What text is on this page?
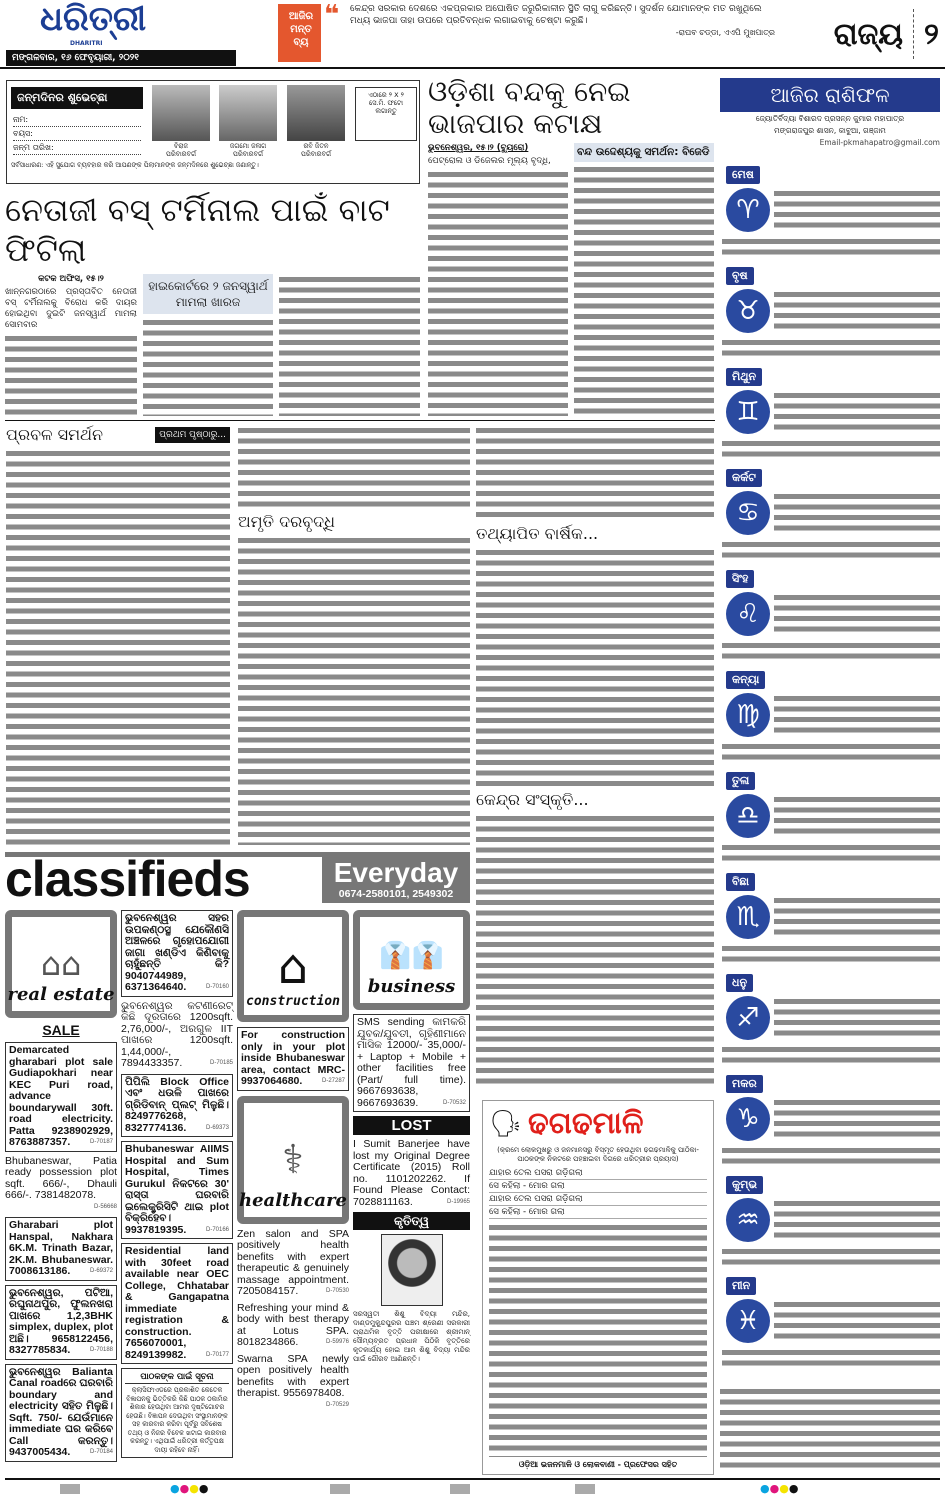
ଧରିତ୍ରୀ
DHARITRI
ମଙ୍ଗଳବାର, ୧୬ ଫେବୃୟାରୀ, ୨୦୨୧
ଆଜିର ମନ୍ତବ୍ୟ
❝ କେନ୍ଦ୍ର ସରକାର ଦେଶରେ ଏକପ୍ରକାର ଅଘୋଷିତ ଜରୁରିକାଳୀନ ସ୍ଥିତି ଲାଗୁ କରିଛନ୍ତି। ସୁଦର୍ଶନ ଯୋମାନଙ୍କ ମତ ରଖୁଥିଲେ ମଧ୍ୟ ଭାଜପା ତାହା ଉପରେ ପ୍ରତିବନ୍ଧକ ଲଗାଇବାକୁ ଚେଷ୍ଟା କରୁଛି।
-ରାଘବ ଚଡ୍ଡା, ଏଏପି ମୁଖପାତ୍ର ରାଜ୍ୟ ୨
ଜନ୍ମଦିନର ଶୁଭେଚ୍ଛା
ନାମ:
ବୟସ:
ଜନ୍ମ ତାରିଖ:	ବିରାଜ
ପରିବାରବର୍ଗ
ଜଗମୋ ଜଳାଗ
ପରିବାରବର୍ଗ
ରବି ଜିତନ
ପରିବାରବର୍ଗ
ଏଠାରେ ୨ X ୨ ସେ.ମି. ଫଟୋ ଲଗାନ୍ତୁ
ସର୍ବସାଧାରଣ: ଏହି ସୁଯୋଗ ବ୍ୟବହାର କରି ଆପଣଙ୍କ ପିଲାମାନଙ୍କ ଜନ୍ମଦିନରେ ଶୁଭେଚ୍ଛା ଜଣାନ୍ତୁ।
ଓଡ଼ିଶା ବନ୍ଦକୁ ନେଇ ଭାଜପାର କଟାକ୍ଷ
ଭୁବନେଶ୍ୱର, ୧୫।୨ (ବ୍ୟୁରୋ)
ପେଟ୍ରୋଲ ଓ ଡିଜେଲର ମୂଲ୍ୟ ବୃଦ୍ଧି,
ବନ୍ଦ ଉଦ୍ଦେଶ୍ୟକୁ ସମର୍ଥନ: ବିଜେଡି
ନେତାଜୀ ବସ୍ ଟର୍ମିନାଲ ପାଇଁ ବାଟ ଫିଟିଲା
କଟକ ଅଫିସ, ୧୫।୨
ଖାନ୍‌ନଗରଠାରେ ପ୍ରସ୍ତାବିତ ନେତାଜୀ ବସ୍ ଟର୍ମିନାଲକୁ ବିରୋଧ କରି ଦାୟର ହୋଇଥିବା ଦୁଇଟି ଜନସ୍ୱାର୍ଥ ମାମଲା ସୋମବାର
ହାଇକୋର୍ଟରେ ୨ ଜନସ୍ୱାର୍ଥ ମାମଲା ଖାରଜ
ପ୍ରବଳ ସମର୍ଥନ	ପ୍ରଥମ ପୃଷ୍ଠାରୁ...
ଅମୃତି ଦରବୃଦ୍ଧି
ତଥ୍ୟାପିତ ବାର୍ଷିକ...
କେନ୍ଦ୍ର ସଂସ୍କୃତି...
classifieds	Everyday
0674-2580101, 2549302
⌂⌂
real estate
SALE
Demarcated gharabari plot sale Gudiapokhari near KEC Puri road, advance boundarywall 30ft. road electricity. Patta 9238902929, 8763887357.	D-70187
Bhubaneswar, Patia ready possession plot sqft. 666/-, Dhauli 666/-. 7381482078.
D-56668
Gharabari plot Hanspal, Nakhara 6K.M. Trinath Bazar, 2K.M. Bhubaneswar. 7008613186.	D-69372
ଭୁବନେଶ୍ୱର, ପଟିଆ, ରଘୁନାଥପୁର, ଫୁଲନଖରା ପାଖରେ 1,2,3BHK simplex, duplex, plot ଅଛି। 9658122456, 8327785834.	D-70188
ଭୁବନେଶ୍ୱର Balianta Canal roadରେ ଘରବାରି boundary and electricity ସହିତ ମିଳୁଛି। Sqft. 750/- ଯେଉଁମାନେ immediate ଘର କରିବେ Call କରନ୍ତୁ। 9437005434.	D-70184
ଭୁବନେଶ୍ୱର ସହର ଉପକଣ୍ଠସ୍ଥ ଯେକୌଣସି ଅଞ୍ଚଳରେ ଗୃହୋପଯୋଗୀ ଜାଗା ଖଣ୍ଡିଏ କିଣିବାକୁ ଚାହୁଁଛନ୍ତି କି? 9040744989, 6371364640.	D-70160
ଭୁବନେଶ୍ୱର କଟଣୀରେଟ୍ କିଛି ଦୂରତାରେ 1200sqft. 2,76,000/-, ଅରଗୁଳ IIT ପାଖରେ 1200sqft. 1,44,000/-, 7894433357.	D-70185
ପିପିଲି Block Office ଏବଂ ଧଉଳି ପାଖରେ ଗ୍ରିଡିବାନ୍ ପ୍ଲଟ୍ ମିଳୁଛି। 8249776268, 8327774136.	D-69373
Bhubaneswar AIIMS Hospital and Sum Hospital, Times Gurukul ନିକଟରେ 30' ରାସ୍ତା ଘରବାରି ଇଲେକ୍ଟ୍ରିସିଟି ଥାଇ plot ବିକ୍ରିହେବ। 9937819395.	D-70166
Residential land with 30feet road available near OEC College, Chhatabar & Gangapatna immediate registration & construction. 7656070001, 8249139982.	D-70177
ପାଠକଙ୍କ ପାଇଁ ସୂଚନା
କ୍ଲାସିଫାଏଡରେ ପ୍ରକାଶିତ କେତେକ ବିଜ୍ଞାପନକୁ ଭିତ୍ତିକରି କିଛି ପାଠକ ଠକାମିର ଶିକାର ହେଉଥିବା ଆମର ଦୃଷ୍ଟିଗୋଚର ହେଉଛି। ବିଜ୍ଞାପନ ଦେଉଥିବା ସଂସ୍ଥାମାନଙ୍କ ସହ କାରବାର କରିବା ପୂର୍ବରୁ ସବିଶେଷ ତଥ୍ୟ ଓ ନିଜର ବିବେକ ଖଟାଇ କାରବାର କରନ୍ତୁ। ଏଥିପାଇଁ ଧରିତ୍ରୀ କର୍ତ୍ତୃପକ୍ଷ ଦାୟୀ ରହିବେ ନାହିଁ।
⌂
construction
For construction only in your plot inside Bhubaneswar area, contact MRC-9937064680.	D-27287
⚕
healthcare
Zen salon and SPA positively health benefits with expert therapeutic & genuinely massage appointment. 7205084157.	D-70530
Refreshing your mind & body with best therapy at Lotus SPA. 8018234866.	D-59976
Swarna SPA newly open positively health benefits with expert therapist. 9556978408.
D-70529
👔👔
business
SMS sending କାମକରି ଯୁବକ/ଯୁବତୀ, ଗୃହିଣୀମାନେ ମାସିକ 12000/- 35,000/- + Laptop + Mobile + other facilities free (Part/ full time). 9667693638, 9667693639.	D-70532
LOST
I Sumit Banerjee have lost my Original Degree Certificate (2015) Roll no. 1101202262. If Found Please Contact: 7028811163.	D-19965
କୃତିତ୍ୱ
ସରସ୍ୱତୀ ଶିଶୁ ବିଦ୍ୟା ମନ୍ଦିର, ଦାଣ୍ଡମୁକୁନ୍ଦପୁରର ପଞ୍ଚମ ଶ୍ରେଣୀ ସରକାରୀ ପ୍ରାଥମିକ ବୃତ୍ତି ପରୀକ୍ଷାରେ ଶ୍ରୀମାନ୍ ସୌମ୍ୟବ୍ରତ ପ୍ରଧାନ ପିଠିକି ବୃତ୍ତିରେ କୃତକାର୍ଯ୍ୟ ହୋଇ ଆମ ଶିଶୁ ବିଦ୍ୟା ମନ୍ଦିର ପାଇଁ ଗୌରବ ଆଣିଛନ୍ତି।
🗣 ଢଗଢମାଳି
(କ୍ରମେ ଲୋକମୁଖରୁ ଓ ଜନମାନସରୁ ବିସ୍ମୃତ ହେଉଥିବା ଢଗଢମାଳିକୁ ପାଠିକା-ପାଠକଙ୍କ ନିକଟରେ ପହଞ୍ଚାଇବା ଦିଗରେ ଧରିତ୍ରୀର ପ୍ରୟାସ)
ଯାହାର ତେଲ ପସରା ଗଡ଼ିଗଲା
ସେ କହିଲା - ମୋର ଗଲା
ଯାହାର ତେଲ ପସରା ଗଡ଼ିଗଲା
ସେ କହିଲା - ମୋର ଗଲା
ଓଡ଼ିଆ ଭଜନମାଳି ଓ ଲୋକବାଣୀ - ପ୍ରଫେସର ସହିତ
ଆଜିର ରାଶିଫଳ
ଜ୍ୟୋତିର୍ବିଦ୍ୟା ବିଶାରଦ ପ୍ରସନ୍ନ କୁମାର ମହାପାତ୍ର
ମଙ୍ଗରାଜପୁର ଶାସନ, କାବୁଆ, ଗଞ୍ଜାମ
Email-pkmahapatro@gmail.com
ମେଷ
♈
ବୃଷ
♉
ମିଥୁନ
♊
କର୍କଟ
♋
ସିଂହ
♌
କନ୍ୟା
♍
ତୁଳା
♎
ବିଛା
♏
ଧନୁ
♐
ମକର
♑
କୁମ୍ଭ
♒
ମୀନ
♓
●●●●	●●●●
